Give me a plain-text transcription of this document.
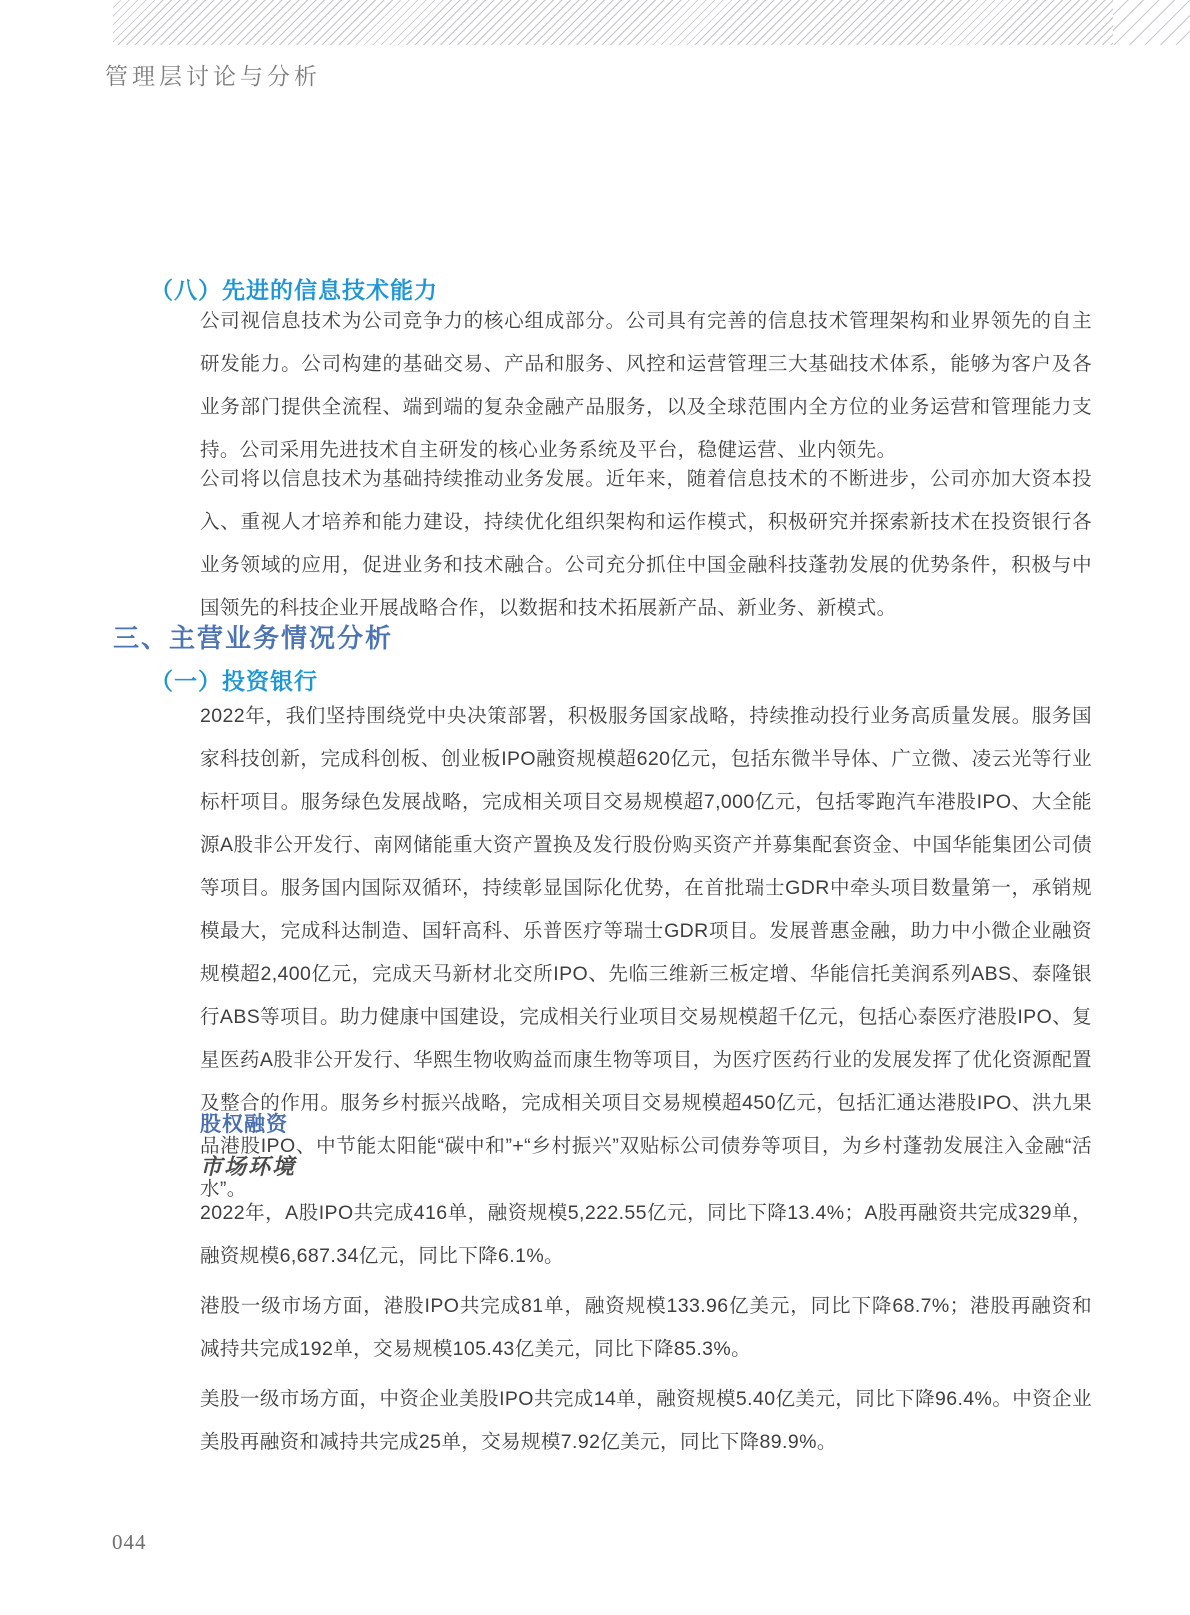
管理层讨论与分析
（八）先进的信息技术能力
公司视信息技术为公司竞争力的核心组成部分。公司具有完善的信息技术管理架构和业界领先的自主研发能力。公司构建的基础交易、产品和服务、风控和运营管理三大基础技术体系，能够为客户及各业务部门提供全流程、端到端的复杂金融产品服务，以及全球范围内全方位的业务运营和管理能力支持。公司采用先进技术自主研发的核心业务系统及平台，稳健运营、业内领先。
公司将以信息技术为基础持续推动业务发展。近年来，随着信息技术的不断进步，公司亦加大资本投入、重视人才培养和能力建设，持续优化组织架构和运作模式，积极研究并探索新技术在投资银行各业务领域的应用，促进业务和技术融合。公司充分抓住中国金融科技蓬勃发展的优势条件，积极与中国领先的科技企业开展战略合作，以数据和技术拓展新产品、新业务、新模式。
三、主营业务情况分析
（一）投资银行
2022年，我们坚持围绕党中央决策部署，积极服务国家战略，持续推动投行业务高质量发展。服务国家科技创新，完成科创板、创业板IPO融资规模超620亿元，包括东微半导体、广立微、凌云光等行业标杆项目。服务绿色发展战略，完成相关项目交易规模超7,000亿元，包括零跑汽车港股IPO、大全能源A股非公开发行、南网储能重大资产置换及发行股份购买资产并募集配套资金、中国华能集团公司债等项目。服务国内国际双循环，持续彰显国际化优势，在首批瑞士GDR中牵头项目数量第一，承销规模最大，完成科达制造、国轩高科、乐普医疗等瑞士GDR项目。发展普惠金融，助力中小微企业融资规模超2,400亿元，完成天马新材北交所IPO、先临三维新三板定增、华能信托美润系列ABS、泰隆银行ABS等项目。助力健康中国建设，完成相关行业项目交易规模超千亿元，包括心泰医疗港股IPO、复星医药A股非公开发行、华熙生物收购益而康生物等项目，为医疗医药行业的发展发挥了优化资源配置及整合的作用。服务乡村振兴战略，完成相关项目交易规模超450亿元，包括汇通达港股IPO、洪九果品港股IPO、中节能太阳能“碳中和”+“乡村振兴”双贴标公司债券等项目，为乡村蓬勃发展注入金融“活水”。
股权融资
市场环境
2022年，A股IPO共完成416单，融资规模5,222.55亿元，同比下降13.4%；A股再融资共完成329单，融资规模6,687.34亿元，同比下降6.1%。
港股一级市场方面，港股IPO共完成81单，融资规模133.96亿美元，同比下降68.7%；港股再融资和减持共完成192单，交易规模105.43亿美元，同比下降85.3%。
美股一级市场方面，中资企业美股IPO共完成14单，融资规模5.40亿美元，同比下降96.4%。中资企业美股再融资和减持共完成25单，交易规模7.92亿美元，同比下降89.9%。
044
